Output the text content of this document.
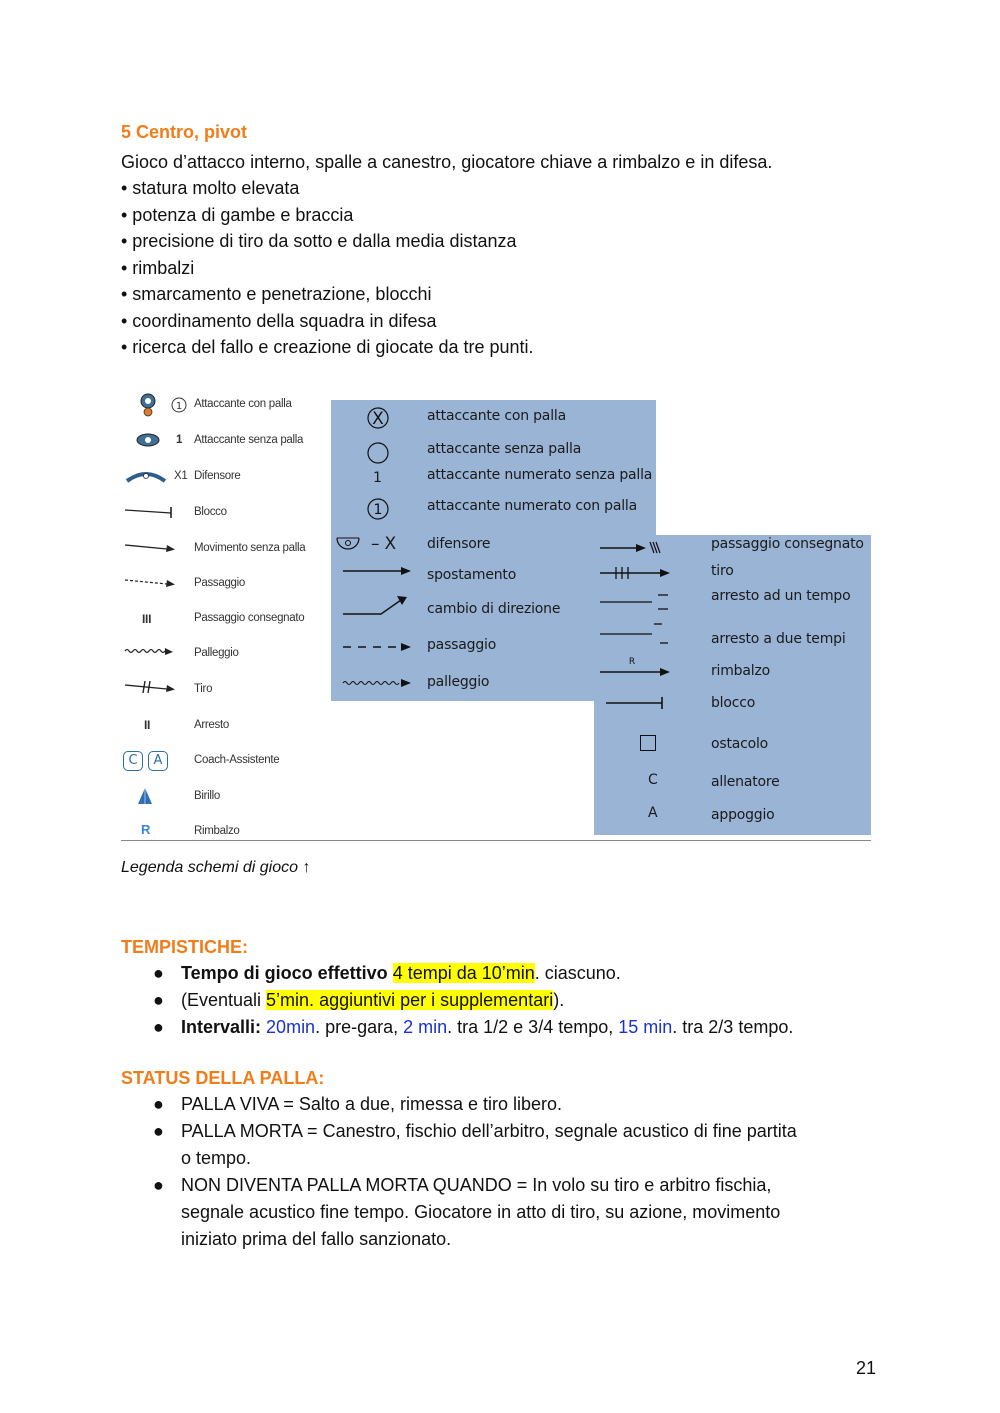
5 Centro, pivot
Gioco d’attacco interno, spalle a canestro, giocatore chiave a rimbalzo e in difesa.
• statura molto elevata
• potenza di gambe e braccia
• precisione di tiro da sotto e dalla media distanza
• rimbalzi
• smarcamento e penetrazione, blocchi
• coordinamento della squadra in difesa
• ricerca del fallo e creazione di giocate da tre punti.
1 Attaccante con palla
1 Attaccante senza palla
X1 Difensore
Blocco
Movimento senza palla
Passaggio
III	Passaggio consegnato
Palleggio
Tiro
II	Arresto
C	A	Coach-Assistente
Birillo
R	Rimbalzo
X	attaccante con palla
attaccante senza palla
1	attaccante numerato senza palla
1	attaccante numerato con palla
– X difensore
spostamento
cambio di direzione
passaggio
palleggio
passaggio consegnato
tiro
arresto ad un tempo
arresto a due tempi
R
rimbalzo
blocco
ostacolo
C	allenatore
A	appoggio
Legenda schemi di gioco ↑
TEMPISTICHE:
● Tempo di gioco effettivo 4 tempi da 10’min. ciascuno.
● (Eventuali 5’min. aggiuntivi per i supplementari).
● Intervalli: 20min. pre-gara, 2 min. tra 1/2 e 3/4 tempo, 15 min. tra 2/3 tempo.
STATUS DELLA PALLA:
● PALLA VIVA = Salto a due, rimessa e tiro libero.
● PALLA MORTA = Canestro, fischio dell’arbitro, segnale acustico di fine partita
o tempo.
● NON DIVENTA PALLA MORTA QUANDO = In volo su tiro e arbitro fischia,
segnale acustico fine tempo. Giocatore in atto di tiro, su azione, movimento
iniziato prima del fallo sanzionato.
21
